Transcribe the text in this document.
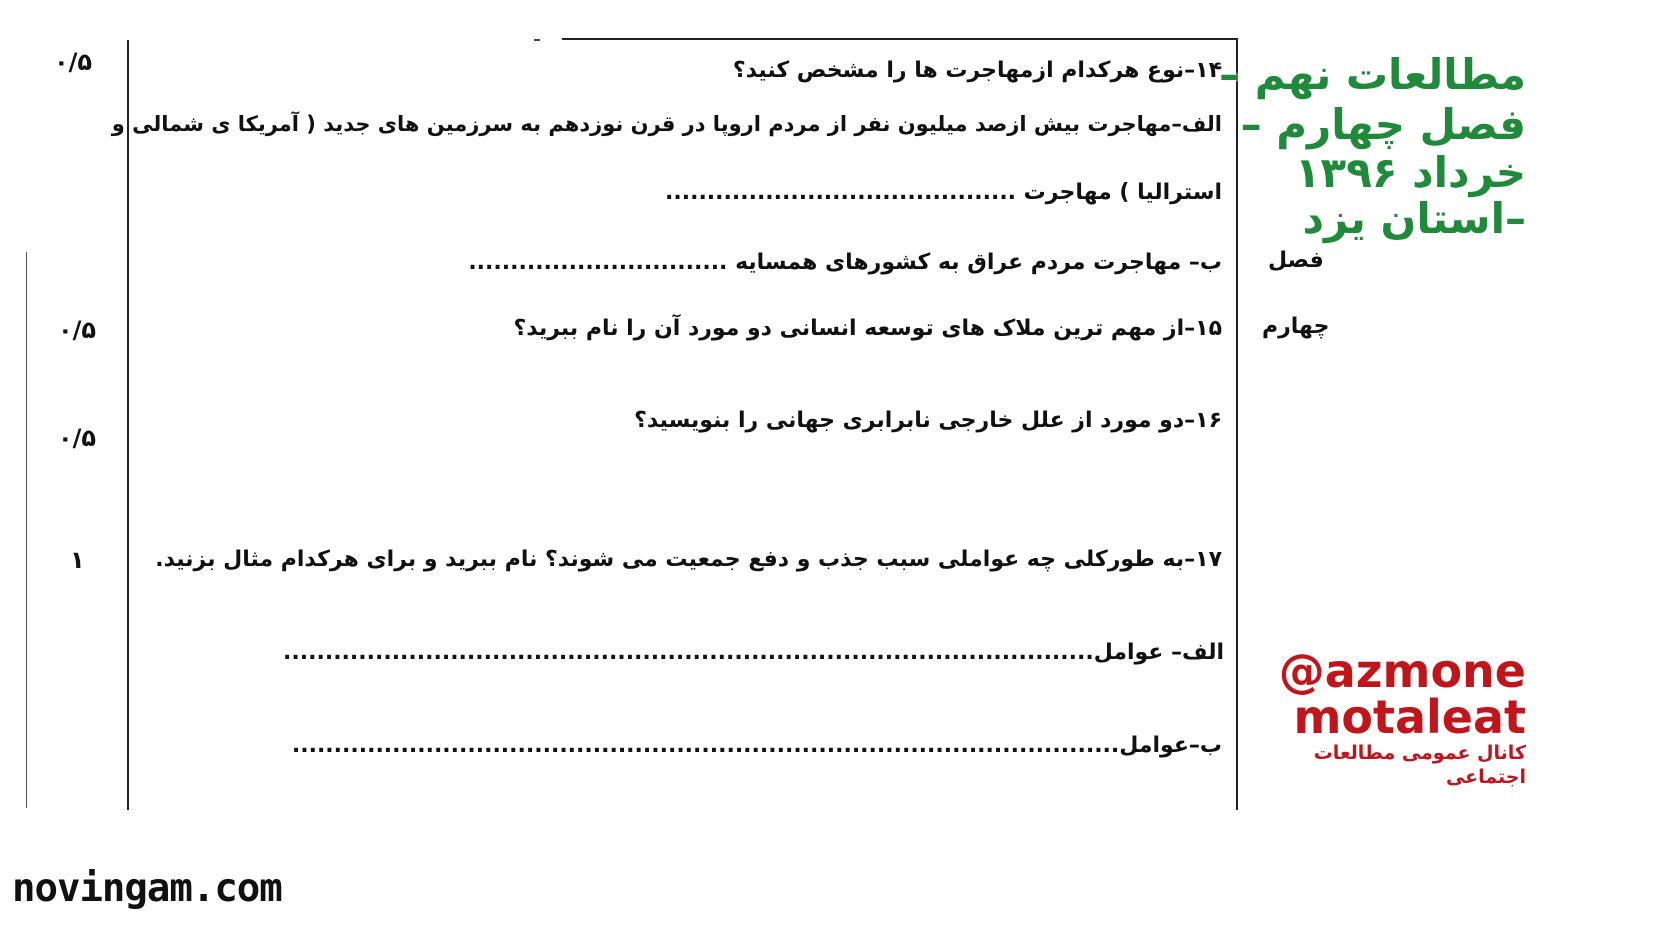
۰/۵
۰/۵
۰/۵
۱
فصل
چهارم
۱۴–نوع هرکدام ازمهاجرت ها را مشخص کنید؟
الف–مهاجرت بیش ازصد میلیون نفر از مردم اروپا در قرن نوزدهم به سرزمین های جدید ( آمریکا ی شمالی و
استرالیا ) مهاجرت ..........................................
ب– مهاجرت مردم عراق به کشورهای همسایه ...............................
۱۵–از مهم ترین ملاک های توسعه انسانی دو مورد آن را نام ببرید؟
۱۶–دو مورد از علل خارجی نابرابری جهانی را بنویسید؟
۱۷–به طورکلی چه عواملی سبب جذب و دفع جمعیت می شوند؟ نام ببرید و برای هرکدام مثال بزنید.
الف– عوامل.................................................................................................
ب–عوامل...................................................................................................
مطالعات نهم –
فصل چهارم –
خرداد ۱۳۹۶
–استان یزد
@azmone
motaleat
کانال عمومی مطالعات
اجتماعی
novingam.com
